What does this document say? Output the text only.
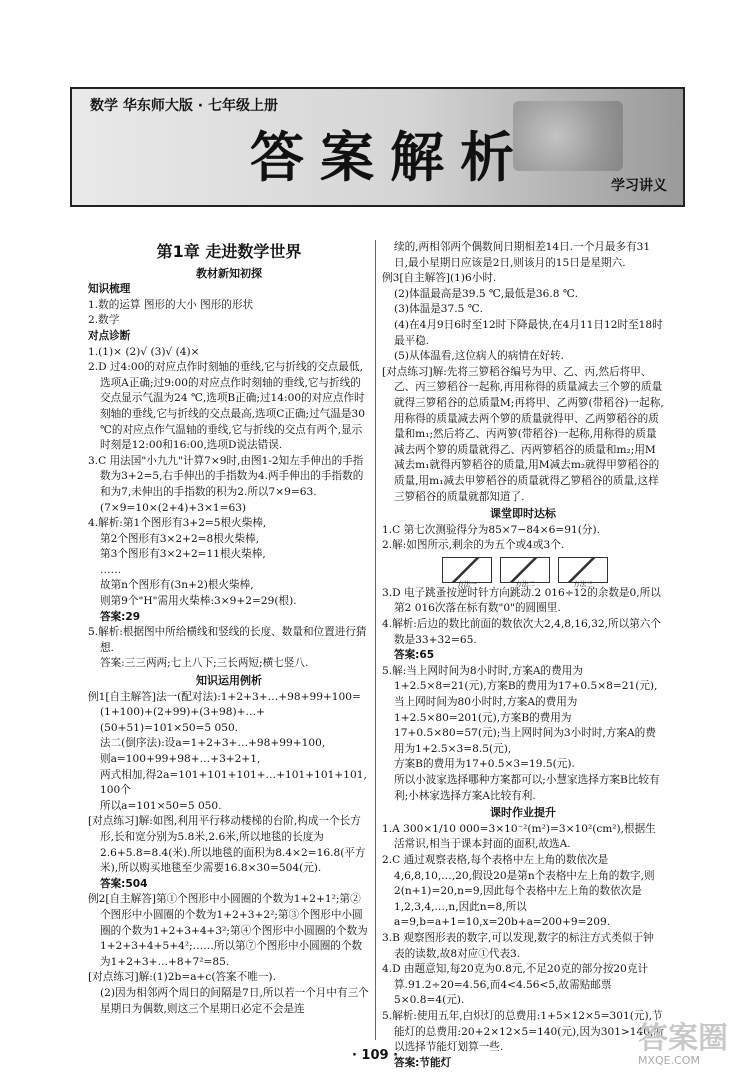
数学 华东师大版 · 七年级上册
答案解析	学习讲义
第1章 走进数学世界
教材新知初探

知识梳理

1.数的运算 图形的大小 图形的形状

2.数学

对点诊断

1.(1)× (2)√ (3)√ (4)×

2.D 过4:00的对应点作时刻轴的垂线,它与折线的交点最低,选项A正确;过9:00的对应点作时刻轴的垂线,它与折线的交点显示气温为24 ℃,选项B正确;过14:00的对应点作时刻轴的垂线,它与折线的交点最高,选项C正确;过气温是30 ℃的对应点作气温轴的垂线,它与折线的交点有两个,显示时刻是12:00和16:00,选项D说法错误.

3.C 用法国"小九九"计算7×9时,由图1-2知左手伸出的手指数为3+2=5,右手伸出的手指数为4.两手伸出的手指数的和为7,未伸出的手指数的积为2.所以7×9=63.(7×9=10×(2+4)+3×1=63)

4.解析:第1个图形有3+2=5根火柴棒,

第2个图形有3×2+2=8根火柴棒,

第3个图形有3×2+2=11根火柴棒,

……

故第n个图形有(3n+2)根火柴棒,

则第9个"H"需用火柴棒:3×9+2=29(根).

答案:29

5.解析:根据图中所给横线和竖线的长度、数量和位置进行猜想.

答案:三三两两;七上八下;三长两短;横七竖八.

知识运用例析

例1[自主解答]法一(配对法):1+2+3+…+98+99+100=(1+100)+(2+99)+(3+98)+…+(50+51)=101×50=5 050.

法二(倒序法):设a=1+2+3+…+98+99+100,

则a=100+99+98+…+3+2+1,

两式相加,得2a=101+101+101+…+101+101+101,

100个

所以a=101×50=5 050.

[对点练习]解:如图,利用平行移动楼梯的台阶,构成一个长方形,长和宽分别为5.8米,2.6米,所以地毯的长度为2.6+5.8=8.4(米).所以地毯的面积为8.4×2=16.8(平方米),所以购买地毯至少需要16.8×30=504(元).

答案:504

例2[自主解答]第①个图形中小圆圈的个数为1+2+1²;第②个图形中小圆圈的个数为1+2+3+2²;第③个图形中小圆圈的个数为1+2+3+4+3²;第④个图形中小圆圈的个数为1+2+3+4+5+4²;……所以第⑦个图形中小圆圈的个数为1+2+3+…+8+7²=85.

[对点练习]解:(1)2b=a+c(答案不唯一).

(2)因为相邻两个周日的间隔是7日,所以若一个月中有三个星期日为偶数,则这三个星期日必定不会是连

续的,两相邻两个偶数间日期相差14日.一个月最多有31日,最小星期日应该是2日,则该月的15日是星期六.

例3[自主解答](1)6小时.

(2)体温最高是39.5 ℃,最低是36.8 ℃.

(3)体温是37.5 ℃.

(4)在4月9日6时至12时下降最快,在4月11日12时至18时最平稳.

(5)从体温看,这位病人的病情在好转.

[对点练习]解:先将三箩稻谷编号为甲、乙、丙,然后将甲、乙、丙三箩稻谷一起称,再用称得的质量减去三个箩的质量就得三箩稻谷的总质量M;再将甲、乙两箩(带稻谷)一起称,用称得的质量减去两个箩的质量就得甲、乙两箩稻谷的质量和m₁;然后将乙、丙两箩(带稻谷)一起称,用称得的质量减去两个箩的质量就得乙、丙两箩稻谷的质量和m₂;用M减去m₁就得丙箩稻谷的质量,用M减去m₂就得甲箩稻谷的质量,用m₁减去甲箩稻谷的质量就得乙箩稻谷的质量,这样三箩稻谷的质量就都知道了.

课堂即时达标

1.C 第七次测验得分为85×7−84×6=91(分).

2.解:如图所示,剩余的为五个或4或3个.

方法一	方法二	方法三

3.D 电子跳蚤按逆时针方向跳动.2 016÷12的余数是0,所以第2 016次落在标有数"0"的圆圈里.

4.解析:后边的数比前面的数依次大2,4,8,16,32,所以第六个数是33+32=65.

答案:65

5.解:当上网时间为8小时时,方案A的费用为1+2.5×8=21(元),方案B的费用为17+0.5×8=21(元),当上网时间为80小时时,方案A的费用为1+2.5×80=201(元),方案B的费用为17+0.5×80=57(元);当上网时间为3小时时,方案A的费用为1+2.5×3=8.5(元),

方案B的费用为17+0.5×3=19.5(元).

所以小波家选择哪种方案都可以;小慧家选择方案B比较有利;小林家选择方案A比较有利.

课时作业提升

1.A 300×1/10 000=3×10⁻²(m²)=3×10²(cm²),根据生活常识,相当于课本封面的面积,故选A.

2.C 通过观察表格,每个表格中左上角的数依次是4,6,8,10,…,20,假设20是第n个表格中左上角的数字,则2(n+1)=20,n=9,因此每个表格中左上角的数依次是1,2,3,4,…,n,因此n=8,所以a=9,b=a+1=10,x=20b+a=200+9=209.

3.B 观察图形表的数字,可以发现,数字的标注方式类似于钟表的读数,故8对应①代表3.

4.D 由题意知,每20克为0.8元,不足20克的部分按20克计算.91.2÷20=4.56,而4<4.56<5,故需贴邮票5×0.8=4(元).

5.解析:使用五年,白炽灯的总费用:1+5×12×5=301(元),节能灯的总费用:20+2×12×5=140(元),因为301>140,所以选择节能灯划算一些.

答案:节能灯

· 109 ·	答案圈
MXQE.COM
